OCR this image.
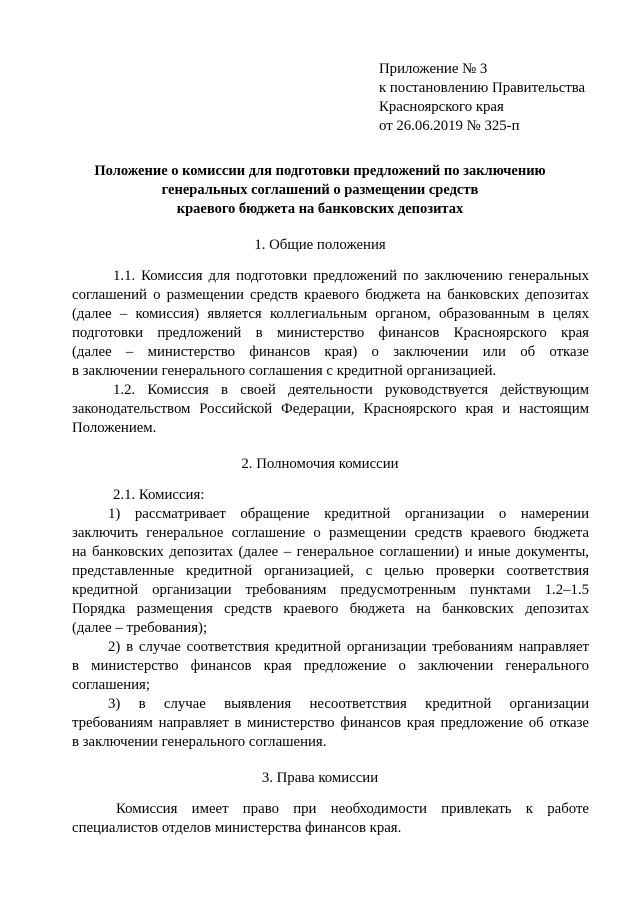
Приложение № 3
к постановлению Правительства
Красноярского края
от 26.06.2019 № 325-п
Положение о комиссии для подготовки предложений по заключению
генеральных соглашений о размещении средств
краевого бюджета на банковских депозитах
1. Общие положения
1.1. Комиссия для подготовки предложений по заключению генеральных
соглашений о размещении средств краевого бюджета на банковских депозитах
(далее – комиссия) является коллегиальным органом, образованным в целях
подготовки предложений в министерство финансов Красноярского края
(далее – министерство финансов края) о заключении или об отказе
в заключении генерального соглашения с кредитной организацией.
1.2. Комиссия в своей деятельности руководствуется действующим
законодательством Российской Федерации, Красноярского края и настоящим
Положением.
2. Полномочия комиссии
2.1. Комиссия:
1) рассматривает обращение кредитной организации о намерении
заключить генеральное соглашение о размещении средств краевого бюджета
на банковских депозитах (далее – генеральное соглашении) и иные документы,
представленные кредитной организацией, с целью проверки соответствия
кредитной организации требованиям предусмотренным пунктами 1.2–1.5
Порядка размещения средств краевого бюджета на банковских депозитах
(далее – требования);
2) в случае соответствия кредитной организации требованиям направляет
в министерство финансов края предложение о заключении генерального
соглашения;
3) в случае выявления несоответствия кредитной организации
требованиям направляет в министерство финансов края предложение об отказе
в заключении генерального соглашения.
3. Права комиссии
Комиссия имеет право при необходимости привлекать к работе
специалистов отделов министерства финансов края.
